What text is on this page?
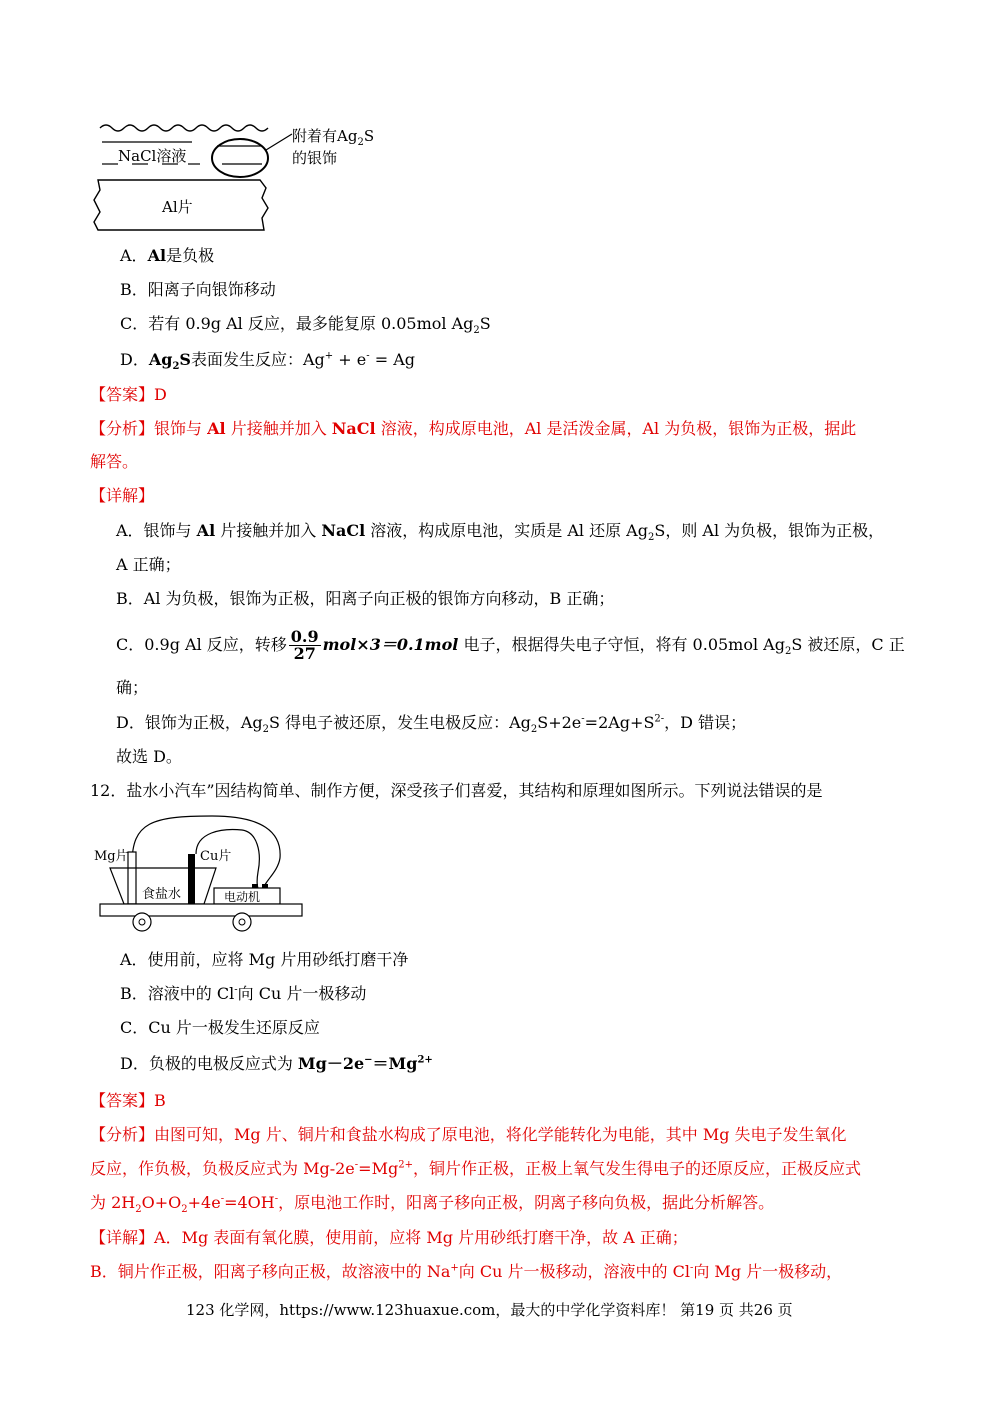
NaCl溶液
Al片
附着有$Ag_2S$
的银饰
A．Al是负极
B．阳离子向银饰移动
C．若有 0.9g Al 反应，最多能复原 0.05mol $Ag_2S$
D．$Ag_2S$表面发生反应：Ag+ + e- = Ag
【答案】D
【分析】银饰与 Al 片接触并加入 NaCl 溶液，构成原电池，Al 是活泼金属，Al 为负极，银饰为正极，据此
解答。
【详解】
A．银饰与 Al 片接触并加入 NaCl 溶液，构成原电池，实质是 Al 还原 $Ag_2S$，则 Al 为负极，银饰为正极，
A 正确；
B．Al 为负极，银饰为正极，阳离子向正极的银饰方向移动，B 正确；
C．0.9g Al 反应，转移 $\frac{0.9}{27} mol\times 3=0.1mol$ 电子，根据得失电子守恒，将有 0.05mol $Ag_2S$ 被还原，C 正
确；
D．银饰为正极，$Ag_2S$ 得电子被还原，发生电极反应：$Ag_2S+2e^-=2Ag+S^{2-}$，D 错误；
故选 D。
12．盐水小汽车”因结构简单、制作方便，深受孩子们喜爱，其结构和原理如图所示。下列说法错误的是
Mg片	Cu片
食盐水	电动机
A．使用前，应将 Mg 片用砂纸打磨干净
B．溶液中的 Cl-向 Cu 片一极移动
C．Cu 片一极发生还原反应
D．负极的电极反应式为 $Mg-2e^-=Mg^{2+}$
【答案】B
【分析】由图可知，Mg 片、铜片和食盐水构成了原电池，将化学能转化为电能，其中 Mg 失电子发生氧化
反应，作负极，负极反应式为 $Mg-2e^-=Mg^{2+}$，铜片作正极，正极上氧气发生得电子的还原反应，正极反应式
为 $2H_2O+O_2+4e^-=4OH^-$，原电池工作时，阳离子移向正极，阴离子移向负极，据此分析解答。
【详解】A．Mg 表面有氧化膜，使用前，应将 Mg 片用砂纸打磨干净，故 A 正确；
B．铜片作正极，阳离子移向正极，故溶液中的 Na+向 Cu 片一极移动，溶液中的 Cl-向 Mg 片一极移动，
123 化学网，https://www.123huaxue.com，最大的中学化学资料库！ 第19 页 共26 页
